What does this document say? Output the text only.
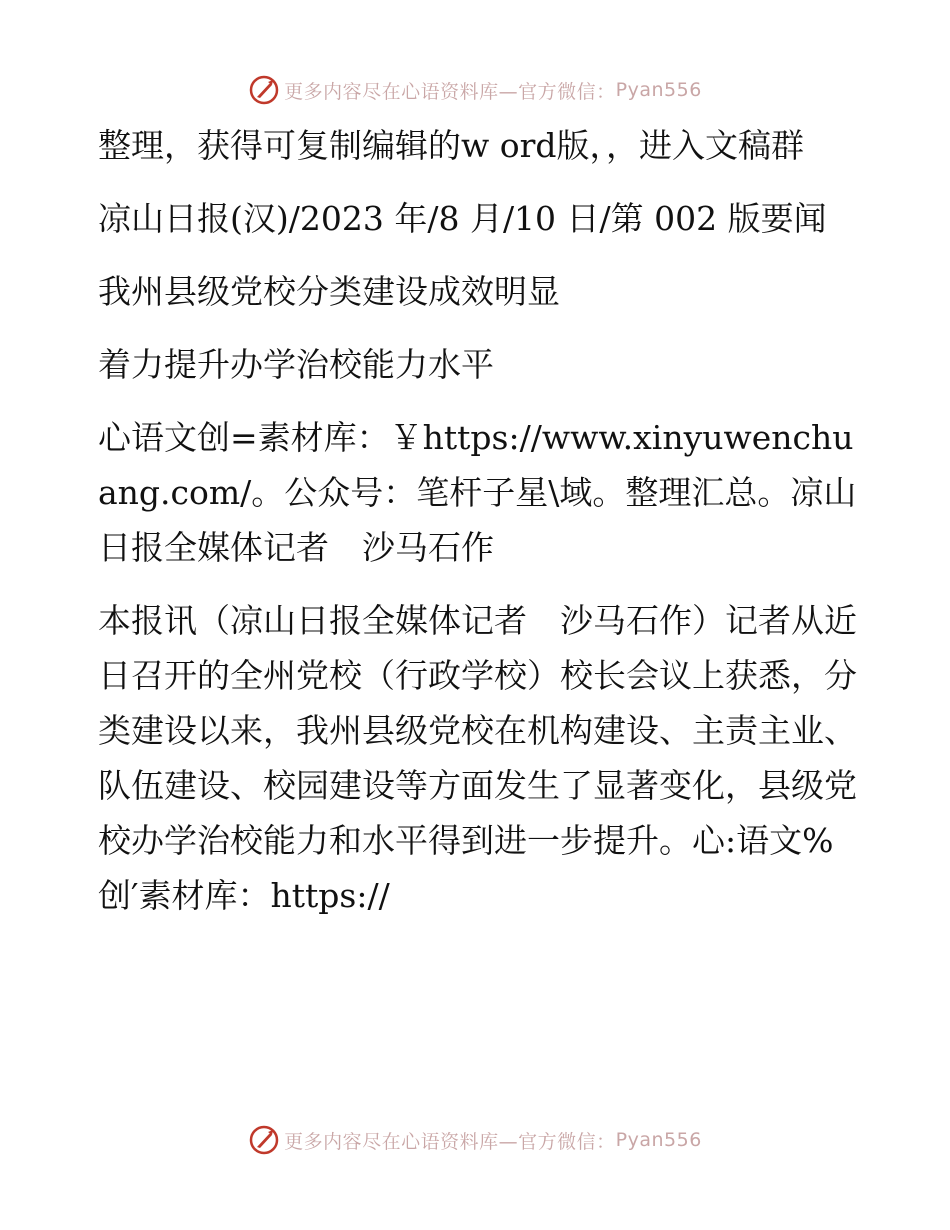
更多内容尽在心语资料库—官方微信： Pyan556

整理，获得可复制编辑的w ord版，，进入文稿群

凉山日报(汉)/2023 年/8 月/10 日/第 002 版要闻

我州县级党校分类建设成效明显

着力提升办学治校能力水平

心语文创=素材库：￥https://www.xinyuwenchuang.com/。公众号：笔杆子星\域。整理汇总。凉山日报全媒体记者　沙马石作

本报讯（凉山日报全媒体记者　沙马石作）记者从近日召开的全州党校（行政学校）校长会议上获悉，分类建设以来，我州县级党校在机构建设、主责主业、队伍建设、校园建设等方面发生了显著变化，县级党校办学治校能力和水平得到进一步提升。心:语文%创′素材库：https://

更多内容尽在心语资料库—官方微信： Pyan556
